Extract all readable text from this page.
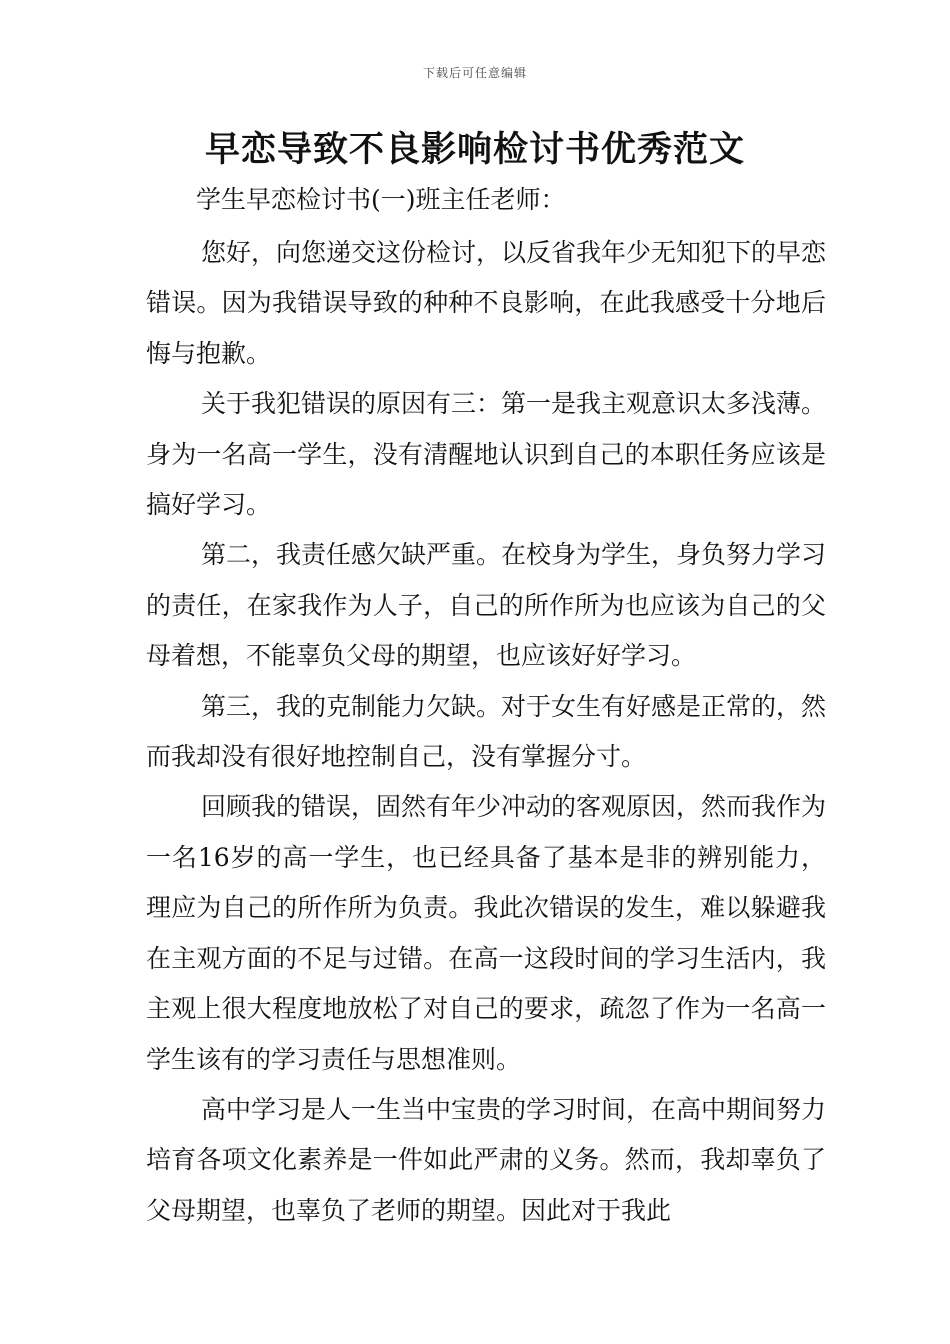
下载后可任意编辑
早恋导致不良影响检讨书优秀范文
学生早恋检讨书(一)班主任老师：

您好，向您递交这份检讨，以反省我年少无知犯下的早恋错误。因为我错误导致的种种不良影响，在此我感受十分地后悔与抱歉。

关于我犯错误的原因有三：第一是我主观意识太多浅薄。身为一名高一学生，没有清醒地认识到自己的本职任务应该是搞好学习。

第二，我责任感欠缺严重。在校身为学生，身负努力学习的责任，在家我作为人子，自己的所作所为也应该为自己的父母着想，不能辜负父母的期望，也应该好好学习。

第三，我的克制能力欠缺。对于女生有好感是正常的，然而我却没有很好地控制自己，没有掌握分寸。

回顾我的错误，固然有年少冲动的客观原因，然而我作为一名16岁的高一学生，也已经具备了基本是非的辨别能力，理应为自己的所作所为负责。我此次错误的发生，难以躲避我在主观方面的不足与过错。在高一这段时间的学习生活内，我主观上很大程度地放松了对自己的要求，疏忽了作为一名高一学生该有的学习责任与思想准则。

高中学习是人一生当中宝贵的学习时间，在高中期间努力培育各项文化素养是一件如此严肃的义务。然而，我却辜负了父母期望，也辜负了老师的期望。因此对于我此
